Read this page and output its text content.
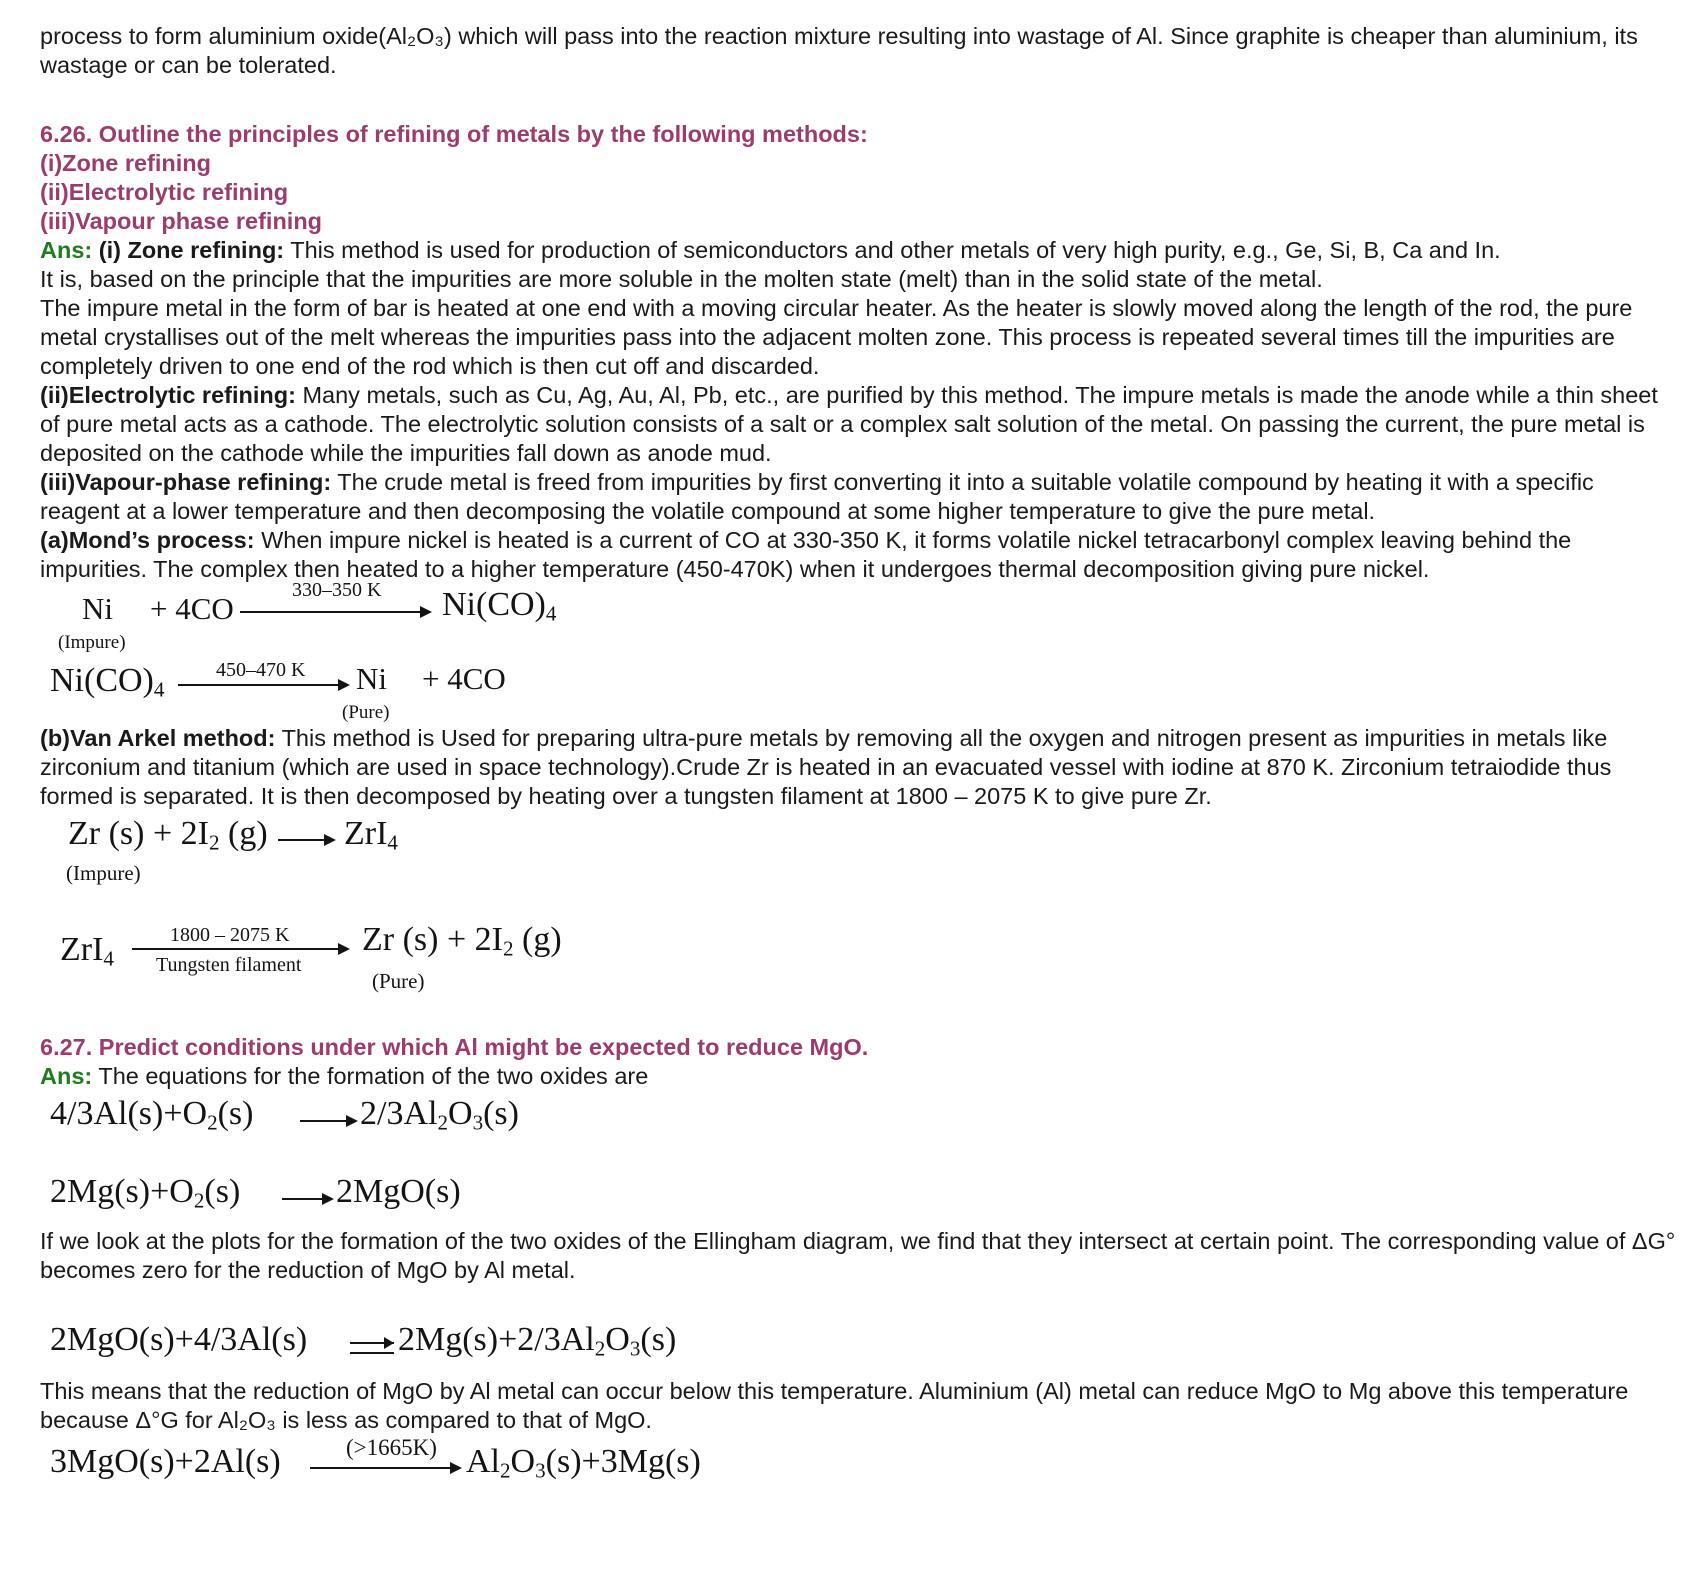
process to form aluminium oxide(Al₂O₃) which will pass into the reaction mixture resulting into wastage of Al. Since graphite is cheaper than aluminium, its wastage or can be tolerated.
6.26. Outline the principles of refining of metals by the following methods:
(i)Zone refining
(ii)Electrolytic refining
(iii)Vapour phase refining
Ans: (i) Zone refining: This method is used for production of semiconductors and other metals of very high purity, e.g., Ge, Si, B, Ca and In.
It is, based on the principle that the impurities are more soluble in the molten state (melt) than in the solid state of the metal.
The impure metal in the form of bar is heated at one end with a moving circular heater. As the heater is slowly moved along the length of the rod, the pure metal crystallises out of the melt whereas the impurities pass into the adjacent molten zone. This process is repeated several times till the impurities are completely driven to one end of the rod which is then cut off and discarded.
(ii)Electrolytic refining: Many metals, such as Cu, Ag, Au, Al, Pb, etc., are purified by this method. The impure metals is made the anode while a thin sheet of pure metal acts as a cathode. The electrolytic solution consists of a salt or a complex salt solution of the metal. On passing the current, the pure metal is deposited on the cathode while the impurities fall down as anode mud.
(iii)Vapour-phase refining: The crude metal is freed from impurities by first converting it into a suitable volatile compound by heating it with a specific reagent at a lower temperature and then decomposing the volatile compound at some higher temperature to give the pure metal.
(a)Mond’s process: When impure nickel is heated is a current of CO at 330-350 K, it forms volatile nickel tetracarbonyl complex leaving behind the impurities. The complex then heated to a higher temperature (450-470K) when it undergoes thermal decomposition giving pure nickel.
Ni
(Impure)
+ 4CO
330–350 K $Ni(CO)_4$
$Ni(CO)_4$
450–470 K Ni
(Pure)
+ 4CO
(b)Van Arkel method: This method is Used for preparing ultra-pure metals by removing all the oxygen and nitrogen present as impurities in metals like zirconium and titanium (which are used in space technology).Crude Zr is heated in an evacuated vessel with iodine at 870 K. Zirconium tetraiodide thus formed is separated. It is then decomposed by heating over a tungsten filament at 1800 – 2075 K to give pure Zr.
Zr $(s) + 2I_2$ (g)
(Impure)
ZrI$_4$
ZrI$_4$
1800 – 2075 K
Tungsten filament
Zr $(s) + 2I_2$ (g)
(Pure)
6.27. Predict conditions under which Al might be expected to reduce MgO.
Ans: The equations for the formation of the two oxides are
$4/3Al(s)+O_2(s)$	$2/3Al_2O_3(s)$
$2Mg(s)+O_2(s)$	2MgO(s)
If we look at the plots for the formation of the two oxides of the Ellingham diagram, we find that they intersect at certain point. The corresponding value of ΔG° becomes zero for the reduction of MgO by Al metal.
2MgO(s)+4/3Al(s)	$2Mg(s)+2/3Al_2O_3(s)$
This means that the reduction of MgO by Al metal can occur below this temperature. Aluminium (Al) metal can reduce MgO to Mg above this temperature because Δ°G for Al₂O₃ is less as compared to that of MgO.
3MgO(s)+2Al(s)	(>1665K) $Al_2O_3(s)+3Mg(s)$
